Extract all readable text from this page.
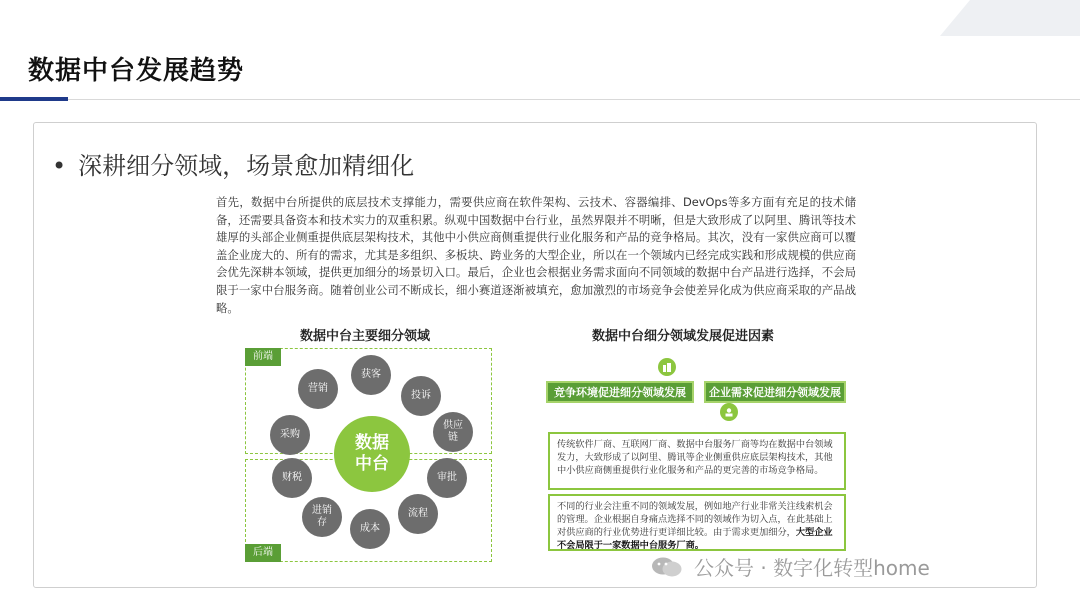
数据中台发展趋势
• 深耕细分领域，场景愈加精细化
首先，数据中台所提供的底层技术支撑能力，需要供应商在软件架构、云技术、容器编排、DevOps等多方面有充足的技术储备，还需要具备资本和技术实力的双重积累。纵观中国数据中台行业，虽然界限并不明晰，但是大致形成了以阿里、腾讯等技术雄厚的头部企业侧重提供底层架构技术，其他中小供应商侧重提供行业化服务和产品的竞争格局。其次，没有一家供应商可以覆盖企业庞大的、所有的需求，尤其是多组织、多板块、跨业务的大型企业，所以在一个领域内已经完成实践和形成规模的供应商会优先深耕本领域，提供更加细分的场景切入口。最后，企业也会根据业务需求面向不同领域的数据中台产品进行选择，不会局限于一家中台服务商。随着创业公司不断成长，细小赛道逐渐被填充，愈加激烈的市场竞争会使差异化成为供应商采取的产品战略。
数据中台主要细分领域
前端
后端
数据
中台
获客
营销
投诉
采购
供应
链
财税	审批
进销
存
流程
成本
数据中台细分领域发展促进因素
竞争环境促进细分领域发展	企业需求促进细分领域发展
传统软件厂商、互联网厂商、数据中台服务厂商等均在数据中台领域发力，大致形成了以阿里、腾讯等企业侧重供应底层架构技术，其他中小供应商侧重提供行业化服务和产品的更完善的市场竞争格局。
不同的行业会注重不同的领域发展，例如地产行业非常关注线索机会的管理。企业根据自身痛点选择不同的领域作为切入点，在此基础上对供应商的行业优势进行更详细比较。由于需求更加细分，大型企业不会局限于一家数据中台服务厂商。
公众号 · 数字化转型home
